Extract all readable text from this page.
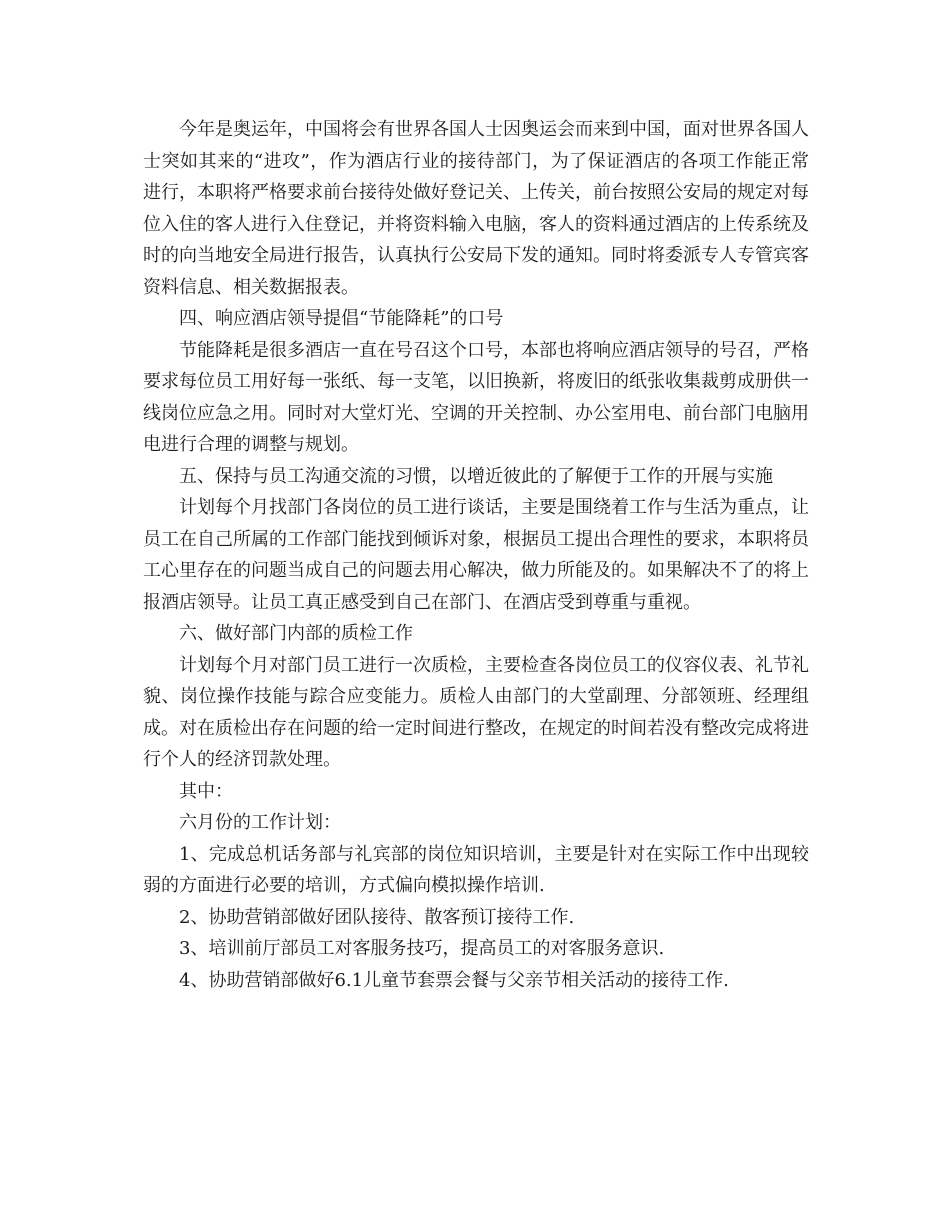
今年是奥运年，中国将会有世界各国人士因奥运会而来到中国，面对世界各国人士突如其来的“进攻”，作为酒店行业的接待部门，为了保证酒店的各项工作能正常进行，本职将严格要求前台接待处做好登记关、上传关，前台按照公安局的规定对每位入住的客人进行入住登记，并将资料输入电脑，客人的资料通过酒店的上传系统及时的向当地安全局进行报告，认真执行公安局下发的通知。同时将委派专人专管宾客资料信息、相关数据报表。

四、响应酒店领导提倡“节能降耗”的口号

节能降耗是很多酒店一直在号召这个口号，本部也将响应酒店领导的号召，严格要求每位员工用好每一张纸、每一支笔，以旧换新，将废旧的纸张收集裁剪成册供一线岗位应急之用。同时对大堂灯光、空调的开关控制、办公室用电、前台部门电脑用电进行合理的调整与规划。

五、保持与员工沟通交流的习惯，以增近彼此的了解便于工作的开展与实施

计划每个月找部门各岗位的员工进行谈话，主要是围绕着工作与生活为重点，让员工在自己所属的工作部门能找到倾诉对象，根据员工提出合理性的要求，本职将员工心里存在的问题当成自己的问题去用心解决，做力所能及的。如果解决不了的将上报酒店领导。让员工真正感受到自己在部门、在酒店受到尊重与重视。

六、做好部门内部的质检工作

计划每个月对部门员工进行一次质检，主要检查各岗位员工的仪容仪表、礼节礼貌、岗位操作技能与踪合应变能力。质检人由部门的大堂副理、分部领班、经理组成。对在质检出存在问题的给一定时间进行整改，在规定的时间若没有整改完成将进行个人的经济罚款处理。

其中：

六月份的工作计划：

1、完成总机话务部与礼宾部的岗位知识培训，主要是针对在实际工作中出现较弱的方面进行必要的培训，方式偏向模拟操作培训.

2、协助营销部做好团队接待、散客预订接待工作.

3、培训前厅部员工对客服务技巧，提高员工的对客服务意识.

4、协助营销部做好6.1儿童节套票会餐与父亲节相关活动的接待工作.
